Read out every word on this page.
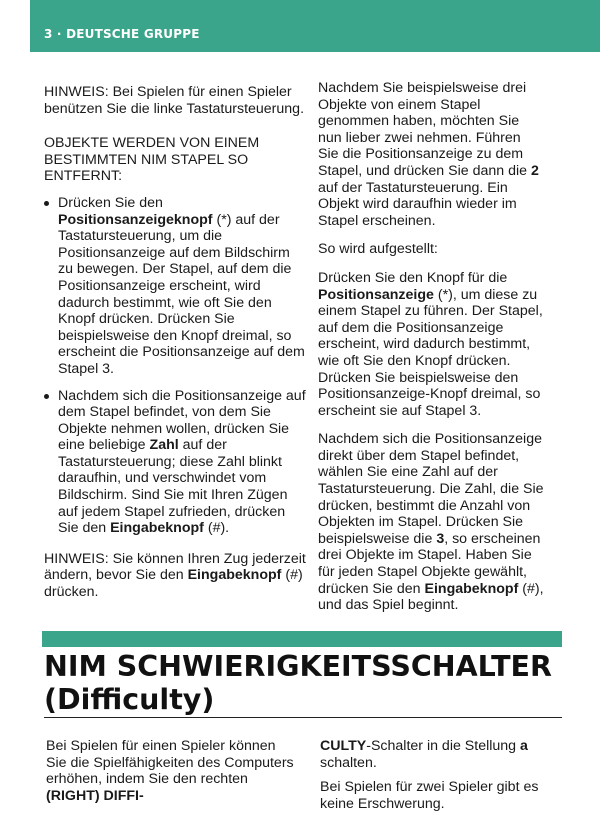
3 · DEUTSCHE GRUPPE

HINWEIS: Bei Spielen für einen Spieler benützen Sie die linke Tastatursteuerung.

OBJEKTE WERDEN VON EINEM BESTIMMTEN NIM STAPEL SO ENTFERNT:

Drücken Sie den Positionsanzeigeknopf (*) auf der Tastatursteuerung, um die Positionsanzeige auf dem Bildschirm zu bewegen. Der Stapel, auf dem die Positionsanzeige erscheint, wird dadurch bestimmt, wie oft Sie den Knopf drücken. Drücken Sie beispielsweise den Knopf dreimal, so erscheint die Positionsanzeige auf dem Stapel 3.
Nachdem sich die Positionsanzeige auf dem Stapel befindet, von dem Sie Objekte nehmen wollen, drücken Sie eine beliebige Zahl auf der Tastatursteuerung; diese Zahl blinkt daraufhin, und verschwindet vom Bildschirm. Sind Sie mit Ihren Zügen auf jedem Stapel zufrieden, drücken Sie den Eingabeknopf (#).

HINWEIS: Sie können Ihren Zug jederzeit ändern, bevor Sie den Eingabeknopf (#) drücken.

Nachdem Sie beispielsweise drei Objekte von einem Stapel genommen haben, möchten Sie nun lieber zwei nehmen. Führen Sie die Positionsanzeige zu dem Stapel, und drücken Sie dann die 2 auf der Tastatursteuerung. Ein Objekt wird daraufhin wieder im Stapel erscheinen.

So wird aufgestellt:

Drücken Sie den Knopf für die Positionsanzeige (*), um diese zu einem Stapel zu führen. Der Stapel, auf dem die Positionsanzeige erscheint, wird dadurch bestimmt, wie oft Sie den Knopf drücken. Drücken Sie beispielsweise den Positionsanzeige-Knopf dreimal, so erscheint sie auf Stapel 3.

Nachdem sich die Positionsanzeige direkt über dem Stapel befindet, wählen Sie eine Zahl auf der Tastatursteuerung. Die Zahl, die Sie drücken, bestimmt die Anzahl von Objekten im Stapel. Drücken Sie beispielsweise die 3, so erscheinen drei Objekte im Stapel. Haben Sie für jeden Stapel Objekte gewählt, drücken Sie den Eingabeknopf (#), und das Spiel beginnt.

NIM SCHWIERIGKEITSSCHALTER
(Difficulty)

Bei Spielen für einen Spieler können Sie die Spielfähigkeiten des Computers erhöhen, indem Sie den rechten (RIGHT) DIFFI-

CULTY-Schalter in die Stellung a schalten.

Bei Spielen für zwei Spieler gibt es keine Erschwerung.
